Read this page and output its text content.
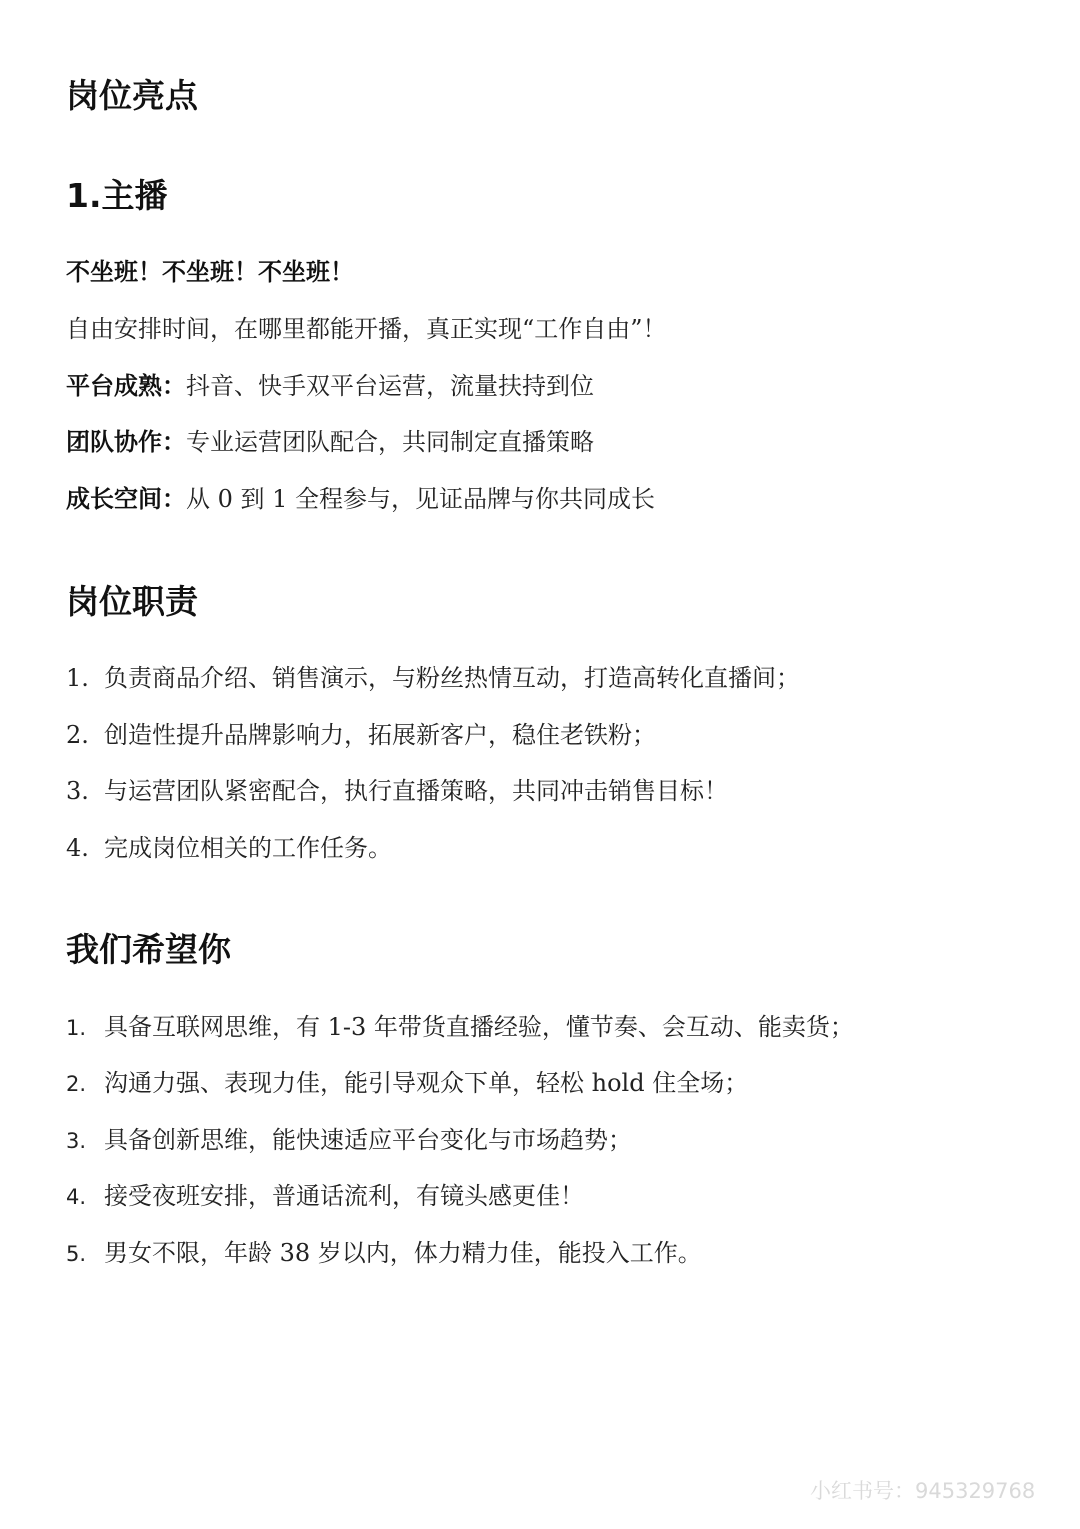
岗位亮点
1.主播

不坐班！不坐班！不坐班！

自由安排时间，在哪里都能开播，真正实现“工作自由”！

平台成熟：抖音、快手双平台运营，流量扶持到位

团队协作：专业运营团队配合，共同制定直播策略

成长空间：从 0 到 1 全程参与，见证品牌与你共同成长

岗位职责

1. 负责商品介绍、销售演示，与粉丝热情互动，打造高转化直播间；

2. 创造性提升品牌影响力，拓展新客户，稳住老铁粉；

3. 与运营团队紧密配合，执行直播策略，共同冲击销售目标！

4. 完成岗位相关的工作任务。

我们希望你

1. 具备互联网思维，有 1-3 年带货直播经验，懂节奏、会互动、能卖货；

2. 沟通力强、表现力佳，能引导观众下单，轻松 hold 住全场；

3. 具备创新思维，能快速适应平台变化与市场趋势；

4. 接受夜班安排，普通话流利，有镜头感更佳！

5. 男女不限，年龄 38 岁以内，体力精力佳，能投入工作。

小红书号：945329768
